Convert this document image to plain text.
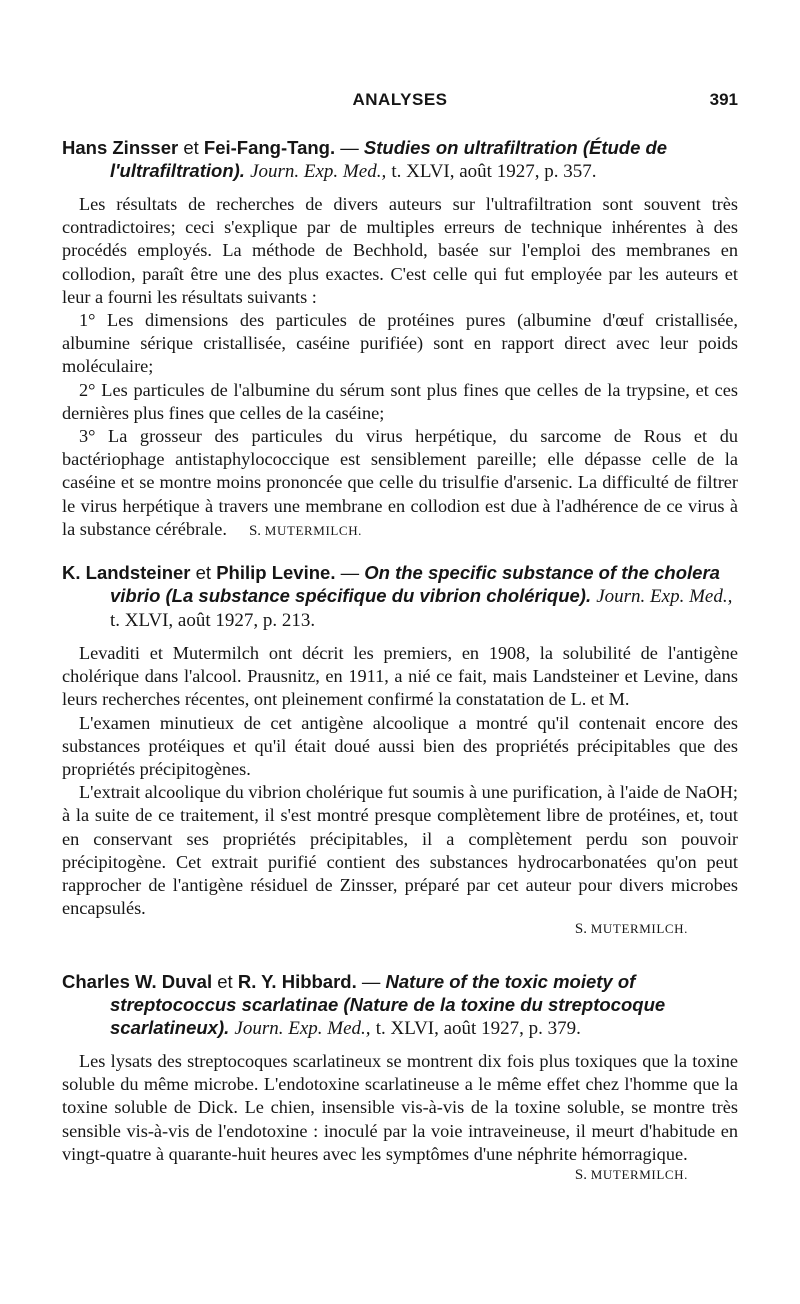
ANALYSES	391

Hans Zinsser et Fei-Fang-Tang. — Studies on ultrafiltration (Étude de l'ultrafiltration). Journ. Exp. Med., t. XLVI, août 1927, p. 357.

Les résultats de recherches de divers auteurs sur l'ultrafiltration sont souvent très contradictoires; ceci s'explique par de multiples erreurs de technique inhérentes à des procédés employés. La méthode de Bechhold, basée sur l'emploi des membranes en collodion, paraît être une des plus exactes. C'est celle qui fut employée par les auteurs et leur a fourni les résultats suivants :

1° Les dimensions des particules de protéines pures (albumine d'œuf cristallisée, albumine sérique cristallisée, caséine purifiée) sont en rapport direct avec leur poids moléculaire;

2° Les particules de l'albumine du sérum sont plus fines que celles de la trypsine, et ces dernières plus fines que celles de la caséine;

3° La grosseur des particules du virus herpétique, du sarcome de Rous et du bactériophage antistaphylococcique est sensiblement pareille; elle dépasse celle de la caséine et se montre moins prononcée que celle du trisulfie d'arsenic. La difficulté de filtrer le virus herpétique à travers une membrane en collodion est due à l'adhérence de ce virus à la substance cérébrale. S. MUTERMILCH.

K. Landsteiner et Philip Levine. — On the specific substance of the cholera vibrio (La substance spécifique du vibrion cholérique). Journ. Exp. Med., t. XLVI, août 1927, p. 213.

Levaditi et Mutermilch ont décrit les premiers, en 1908, la solubilité de l'antigène cholérique dans l'alcool. Prausnitz, en 1911, a nié ce fait, mais Landsteiner et Levine, dans leurs recherches récentes, ont pleinement confirmé la constatation de L. et M.

L'examen minutieux de cet antigène alcoolique a montré qu'il contenait encore des substances protéiques et qu'il était doué aussi bien des propriétés précipitables que des propriétés précipitogènes.

L'extrait alcoolique du vibrion cholérique fut soumis à une purification, à l'aide de NaOH; à la suite de ce traitement, il s'est montré presque complètement libre de protéines, et, tout en conservant ses propriétés précipitables, il a complètement perdu son pouvoir précipitogène. Cet extrait purifié contient des substances hydrocarbonatées qu'on peut rapprocher de l'antigène résiduel de Zinsser, préparé par cet auteur pour divers microbes encapsulés.

S. MUTERMILCH.

Charles W. Duval et R. Y. Hibbard. — Nature of the toxic moiety of streptococcus scarlatinae (Nature de la toxine du streptocoque scarlatineux). Journ. Exp. Med., t. XLVI, août 1927, p. 379.

Les lysats des streptocoques scarlatineux se montrent dix fois plus toxiques que la toxine soluble du même microbe. L'endotoxine scarlatineuse a le même effet chez l'homme que la toxine soluble de Dick. Le chien, insensible vis-à-vis de la toxine soluble, se montre très sensible vis-à-vis de l'endotoxine : inoculé par la voie intraveineuse, il meurt d'habitude en vingt-quatre à quarante-huit heures avec les symptômes d'une néphrite hémorragique.

S. MUTERMILCH.
